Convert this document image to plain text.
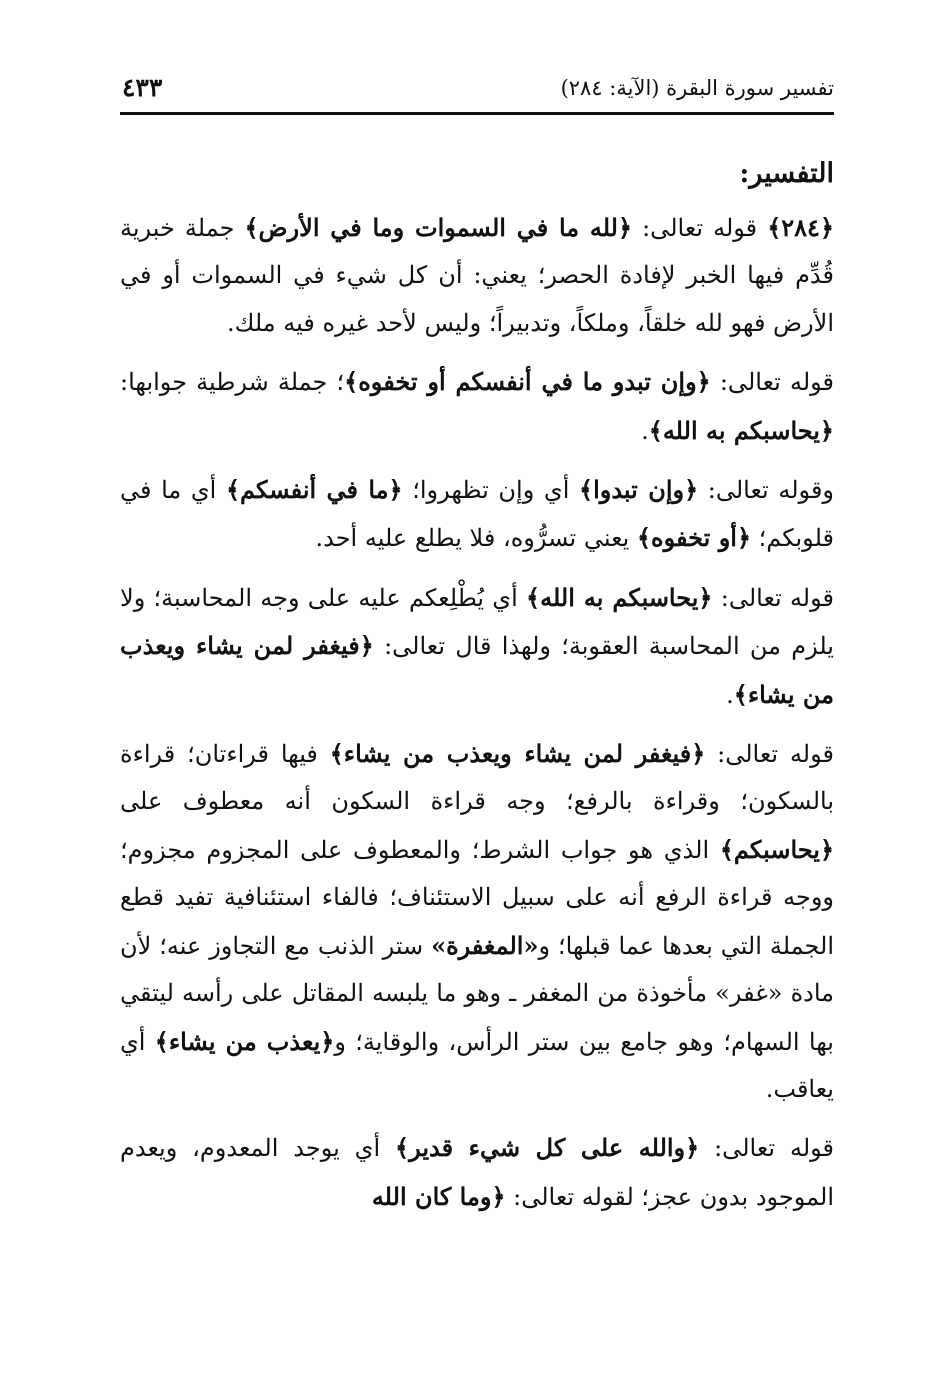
تفسير سورة البقرة (الآية: ٢٨٤)
٤٣٣
التفسير:

﴿٢٨٤﴾ قوله تعالى: ﴿لله ما في السموات وما في الأرض﴾ جملة خبرية قُدِّم فيها الخبر لإفادة الحصر؛ يعني: أن كل شيء في السموات أو في الأرض فهو لله خلقاً، وملكاً، وتدبيراً؛ وليس لأحد غيره فيه ملك.

قوله تعالى: ﴿وإن تبدو ما في أنفسكم أو تخفوه﴾؛ جملة شرطية جوابها: ﴿يحاسبكم به الله﴾.

وقوله تعالى: ﴿وإن تبدوا﴾ أي وإن تظهروا؛ ﴿ما في أنفسكم﴾ أي ما في قلوبكم؛ ﴿أو تخفوه﴾ يعني تسرُّوه، فلا يطلع عليه أحد.

قوله تعالى: ﴿يحاسبكم به الله﴾ أي يُطْلِعكم عليه على وجه المحاسبة؛ ولا يلزم من المحاسبة العقوبة؛ ولهذا قال تعالى: ﴿فيغفر لمن يشاء ويعذب من يشاء﴾.

قوله تعالى: ﴿فيغفر لمن يشاء ويعذب من يشاء﴾ فيها قراءتان؛ قراءة بالسكون؛ وقراءة بالرفع؛ وجه قراءة السكون أنه معطوف على ﴿يحاسبكم﴾ الذي هو جواب الشرط؛ والمعطوف على المجزوم مجزوم؛ ووجه قراءة الرفع أنه على سبيل الاستئناف؛ فالفاء استئنافية تفيد قطع الجملة التي بعدها عما قبلها؛ و«المغفرة» ستر الذنب مع التجاوز عنه؛ لأن مادة «غفر» مأخوذة من المغفر ـ وهو ما يلبسه المقاتل على رأسه ليتقي بها السهام؛ وهو جامع بين ستر الرأس، والوقاية؛ و﴿يعذب من يشاء﴾ أي يعاقب.

قوله تعالى: ﴿والله على كل شيء قدير﴾ أي يوجد المعدوم، ويعدم الموجود بدون عجز؛ لقوله تعالى: ﴿وما كان الله
